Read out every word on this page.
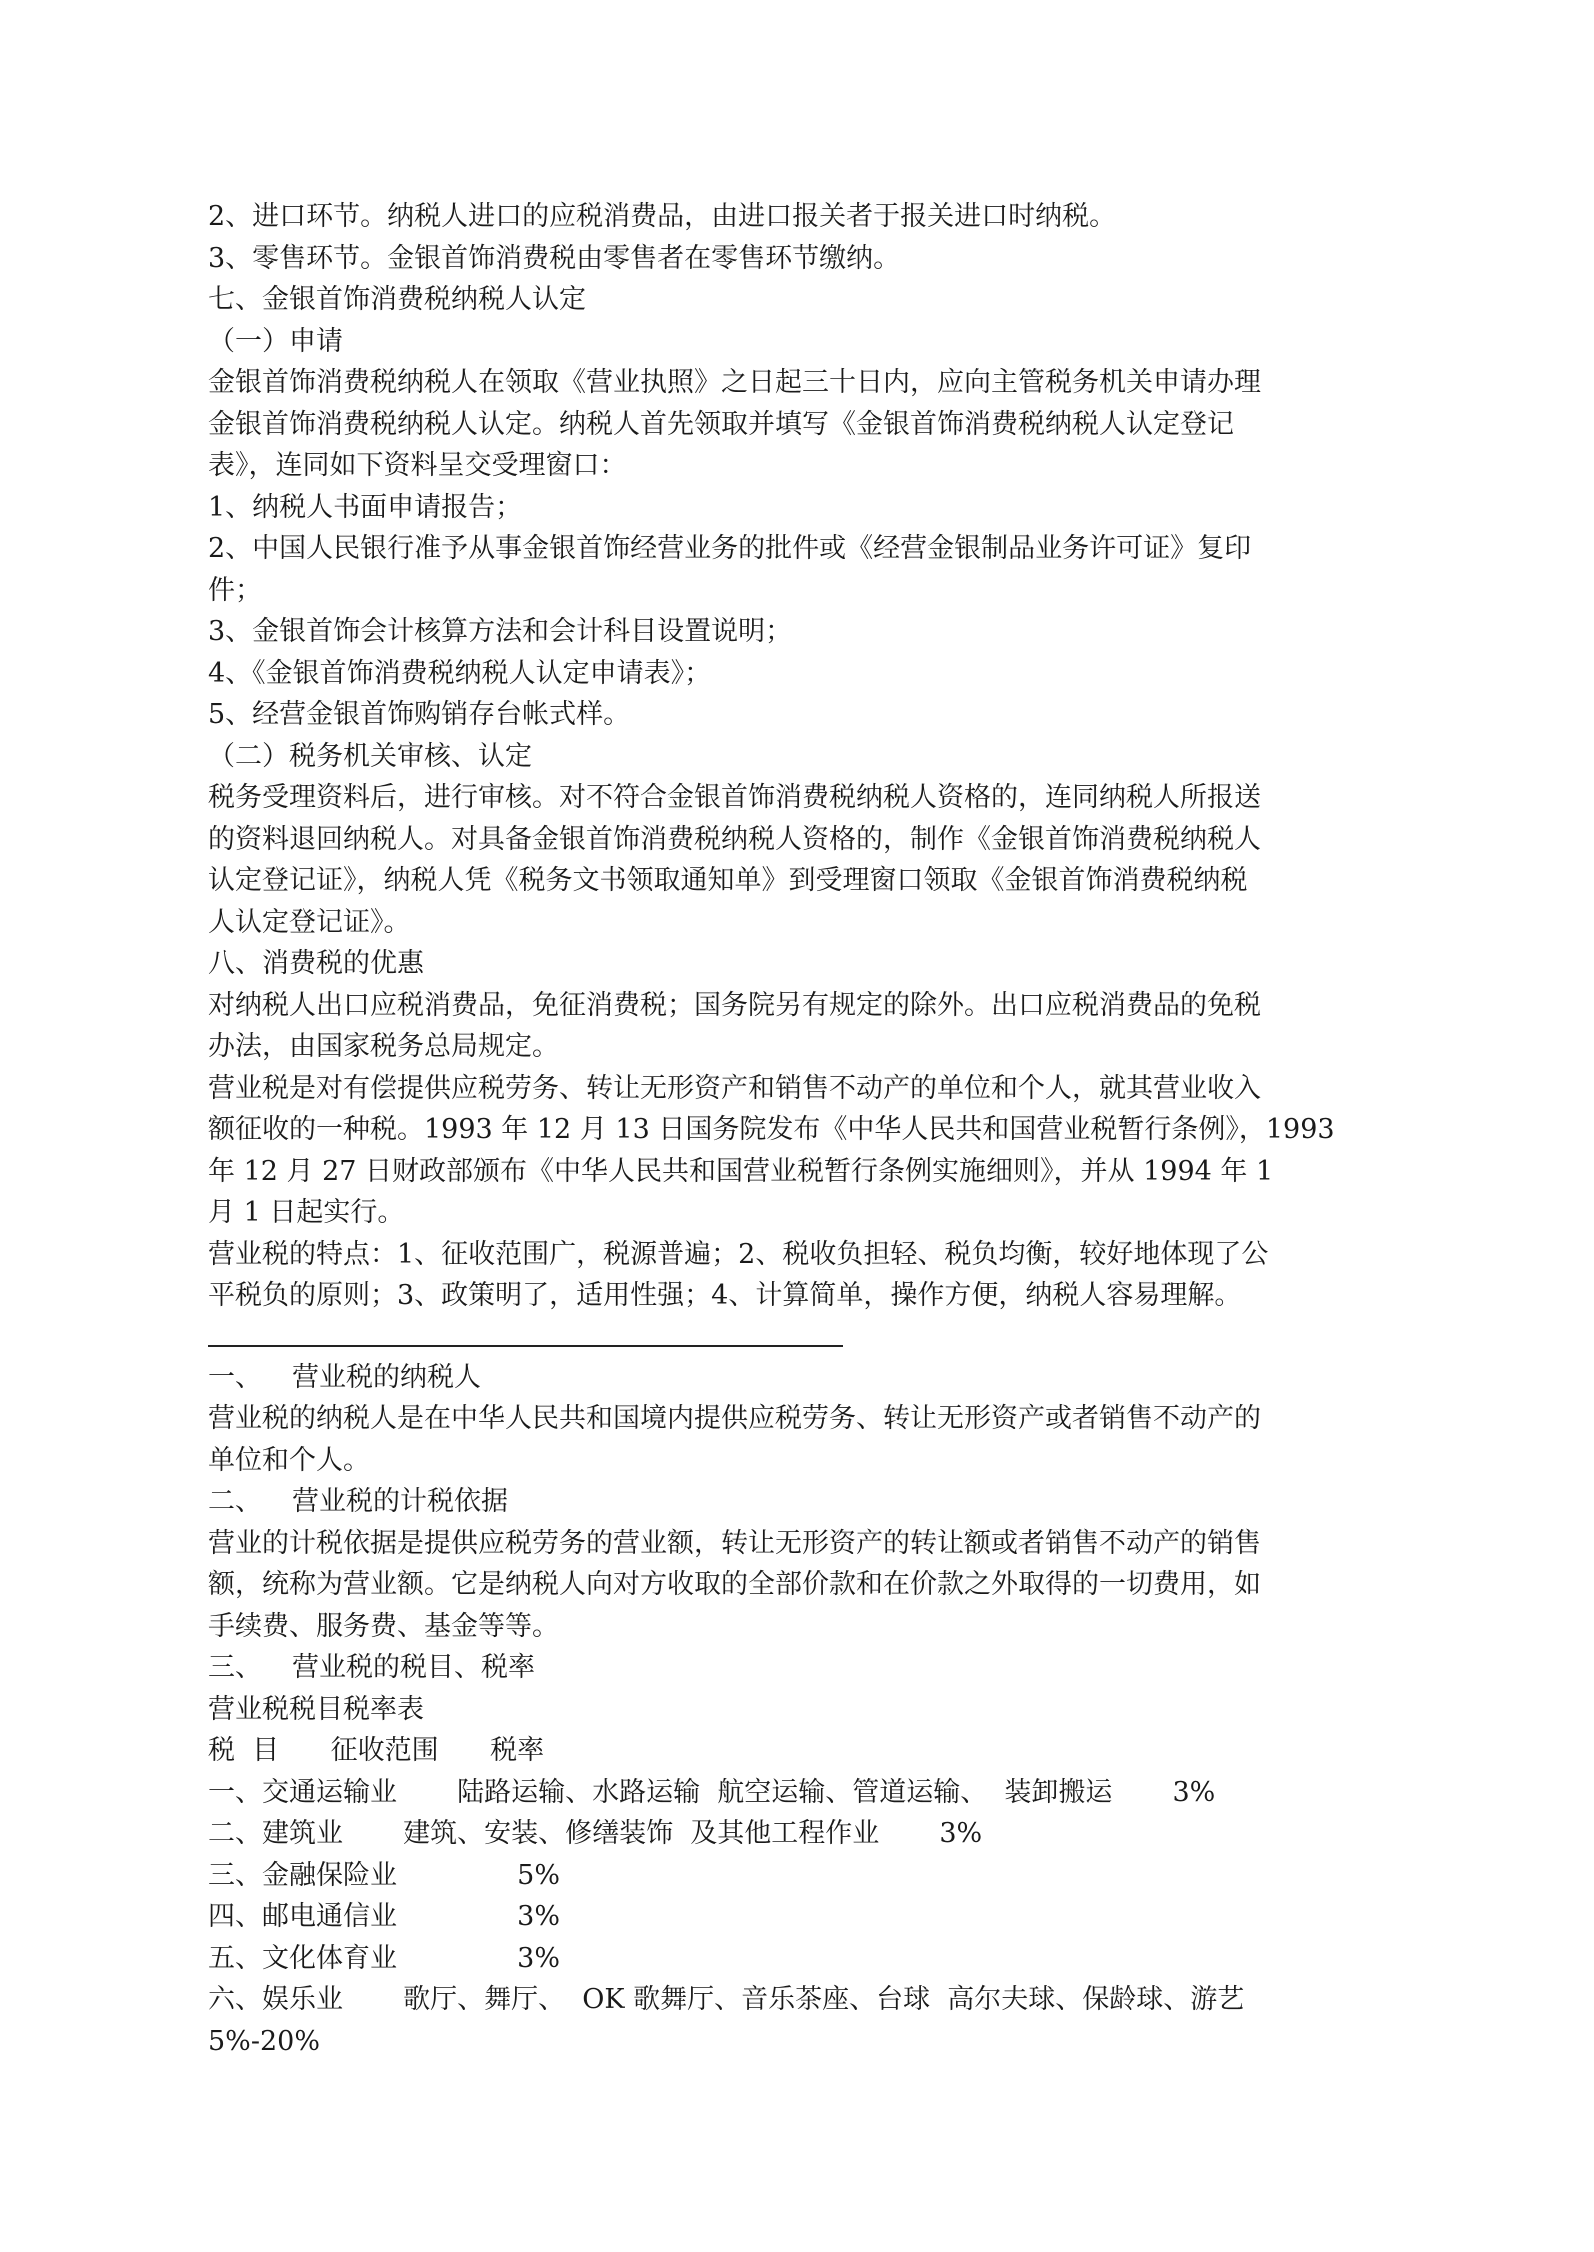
2、进口环节。纳税人进口的应税消费品，由进口报关者于报关进口时纳税。
3、零售环节。金银首饰消费税由零售者在零售环节缴纳。
七、金银首饰消费税纳税人认定
（一）申请
金银首饰消费税纳税人在领取《营业执照》之日起三十日内，应向主管税务机关申请办理
金银首饰消费税纳税人认定。纳税人首先领取并填写《金银首饰消费税纳税人认定登记
表》，连同如下资料呈交受理窗口：
1、纳税人书面申请报告；
2、中国人民银行准予从事金银首饰经营业务的批件或《经营金银制品业务许可证》复印
件；
3、金银首饰会计核算方法和会计科目设置说明；
4、《金银首饰消费税纳税人认定申请表》；
5、经营金银首饰购销存台帐式样。
（二）税务机关审核、认定
税务受理资料后，进行审核。对不符合金银首饰消费税纳税人资格的，连同纳税人所报送
的资料退回纳税人。对具备金银首饰消费税纳税人资格的，制作《金银首饰消费税纳税人
认定登记证》，纳税人凭《税务文书领取通知单》到受理窗口领取《金银首饰消费税纳税
人认定登记证》。
八、消费税的优惠
对纳税人出口应税消费品，免征消费税；国务院另有规定的除外。出口应税消费品的免税
办法，由国家税务总局规定。
营业税是对有偿提供应税劳务、转让无形资产和销售不动产的单位和个人，就其营业收入
额征收的一种税。1993 年 12 月 13 日国务院发布《中华人民共和国营业税暂行条例》，1993
年 12 月 27 日财政部颁布《中华人民共和国营业税暂行条例实施细则》，并从 1994 年 1
月 1 日起实行。
营业税的特点：1、征收范围广，税源普遍；2、税收负担轻、税负均衡，较好地体现了公
平税负的原则；3、政策明了，适用性强；4、计算简单，操作方便，纳税人容易理解。
一、 营业税的纳税人
营业税的纳税人是在中华人民共和国境内提供应税劳务、转让无形资产或者销售不动产的
单位和个人。
二、 营业税的计税依据
营业的计税依据是提供应税劳务的营业额，转让无形资产的转让额或者销售不动产的销售
额，统称为营业额。它是纳税人向对方收取的全部价款和在价款之外取得的一切费用，如
手续费、服务费、基金等等。
三、 营业税的税目、税率
营业税税目税率表
税  目      征收范围      税率
一、交通运输业       陆路运输、水路运输  航空运输、管道运输、  装卸搬运       3%
二、建筑业       建筑、安装、修缮装饰  及其他工程作业       3%
三、金融保险业              5%
四、邮电通信业              3%
五、文化体育业              3%
六、娱乐业       歌厅、舞厅、  OK 歌舞厅、音乐茶座、台球  高尔夫球、保龄球、游艺
5%-20%
